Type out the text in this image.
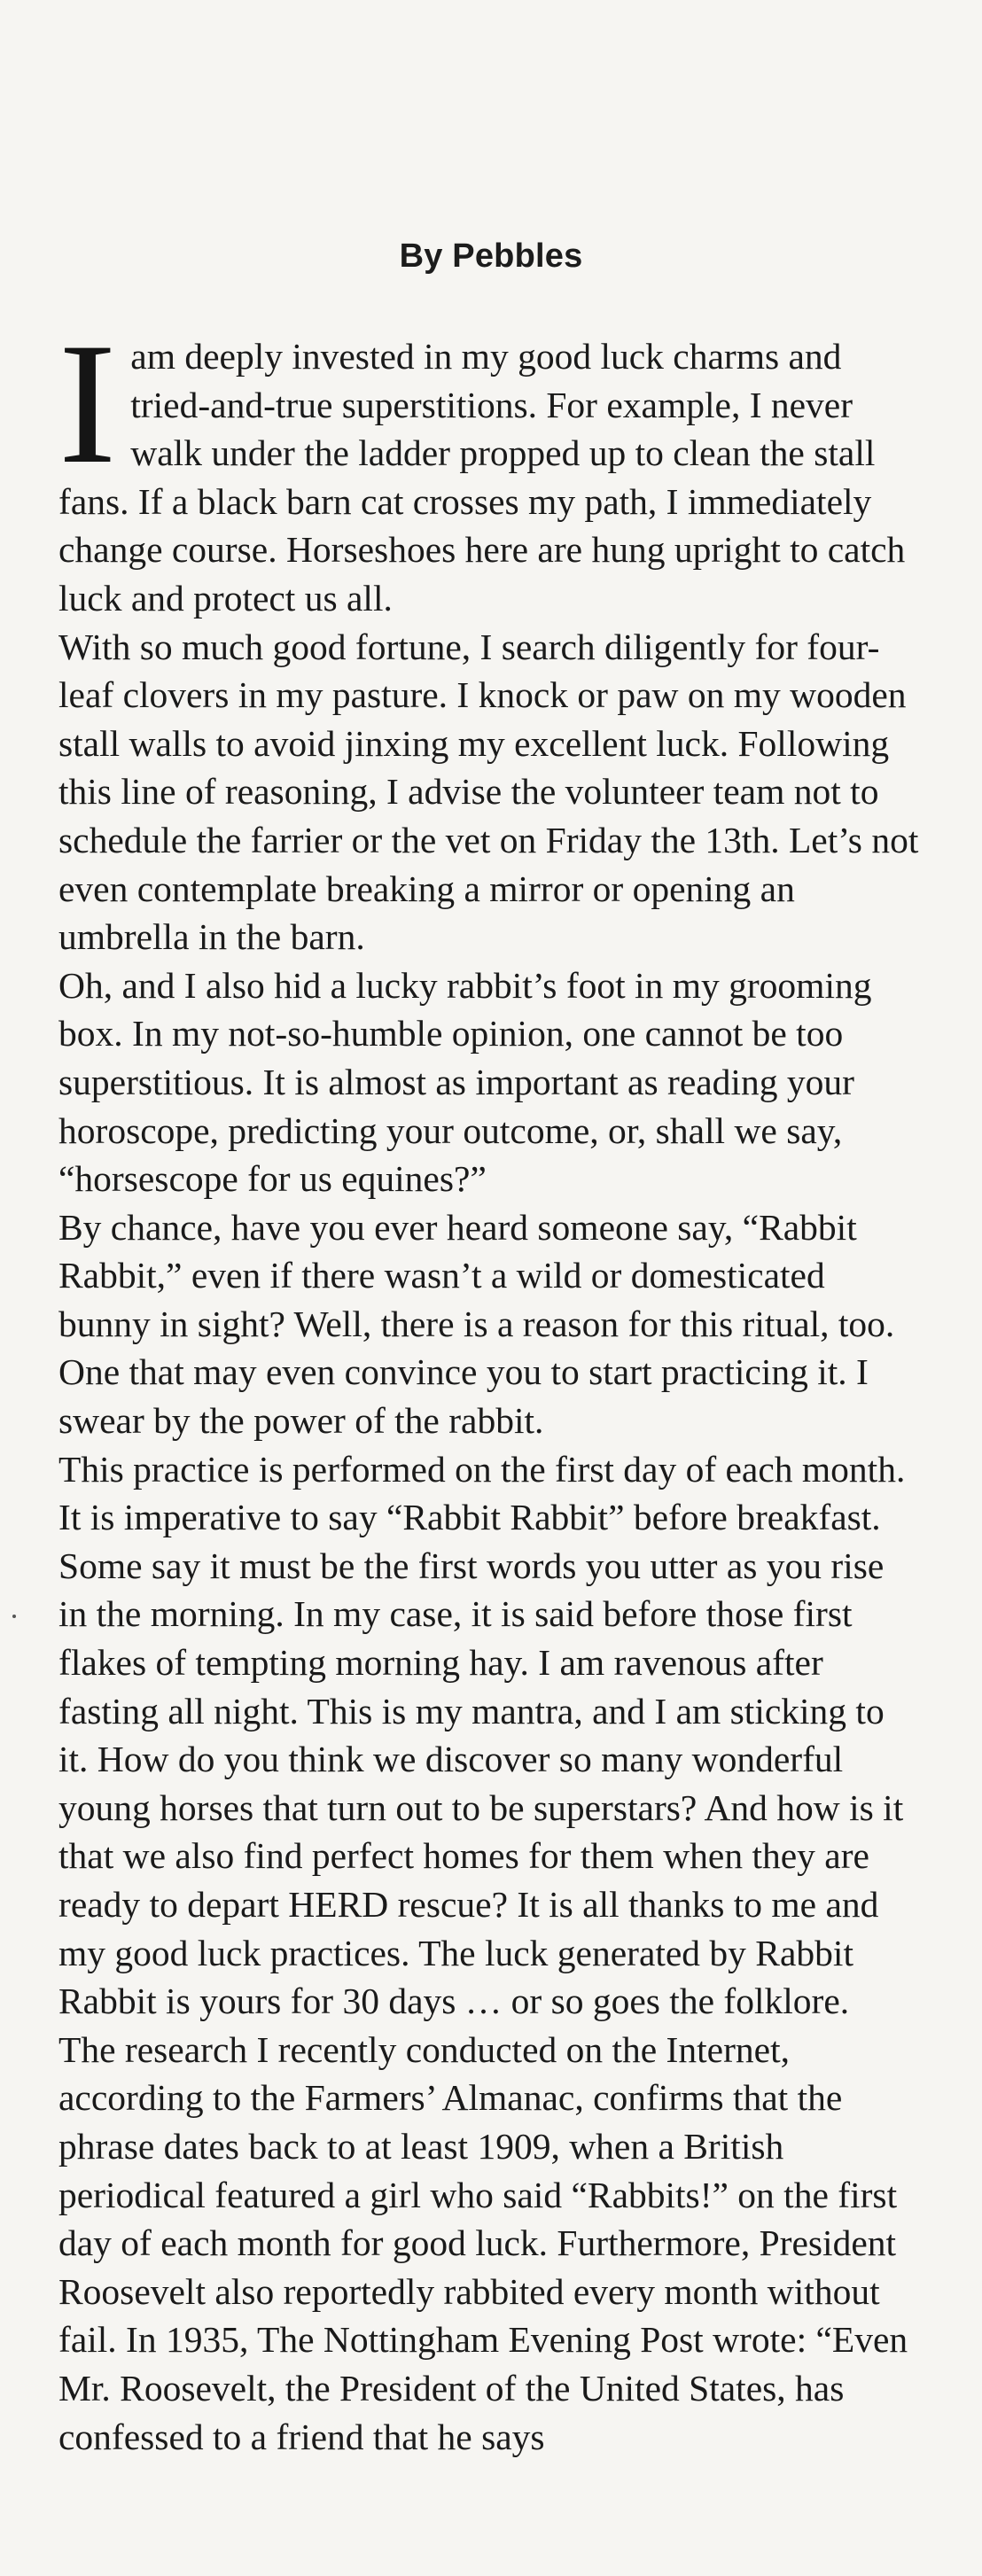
By Pebbles

Iam deeply invested in my good luck charms and tried-and-true superstitions. For example, I never walk under the ladder propped up to clean the stall fans. If a black barn cat crosses my path, I immediately change course. Horseshoes here are hung upright to catch luck and protect us all.

With so much good fortune, I search diligently for four-leaf clovers in my pasture. I knock or paw on my wooden stall walls to avoid jinxing my excellent luck. Following this line of reasoning, I advise the volunteer team not to schedule the farrier or the vet on Friday the 13th. Let’s not even contemplate breaking a mirror or opening an umbrella in the barn.

Oh, and I also hid a lucky rabbit’s foot in my grooming box. In my not-so-humble opinion, one cannot be too superstitious. It is almost as important as reading your horoscope, predicting your outcome, or, shall we say, “horsescope for us equines?”

By chance, have you ever heard someone say, “Rabbit Rabbit,” even if there wasn’t a wild or domesticated bunny in sight? Well, there is a reason for this ritual, too. One that may even convince you to start practicing it. I swear by the power of the rabbit.

This practice is performed on the first day of each month. It is imperative to say “Rabbit Rabbit” before breakfast. Some say it must be the first words you utter as you rise in the morning. In my case, it is said before those first flakes of tempting morning hay. I am ravenous after fasting all night. This is my mantra, and I am sticking to it. How do you think we discover so many wonderful young horses that turn out to be superstars? And how is it that we also find perfect homes for them when they are ready to depart HERD rescue? It is all thanks to me and my good luck practices. The luck generated by Rabbit Rabbit is yours for 30 days … or so goes the folklore.

The research I recently conducted on the Internet, according to the Farmers’ Almanac, confirms that the phrase dates back to at least 1909, when a British periodical featured a girl who said “Rabbits!” on the first day of each month for good luck. Furthermore, President Roosevelt also reportedly rabbited every month without fail. In 1935, The Nottingham Evening Post wrote: “Even Mr. Roosevelt, the President of the United States, has confessed to a friend that he says
